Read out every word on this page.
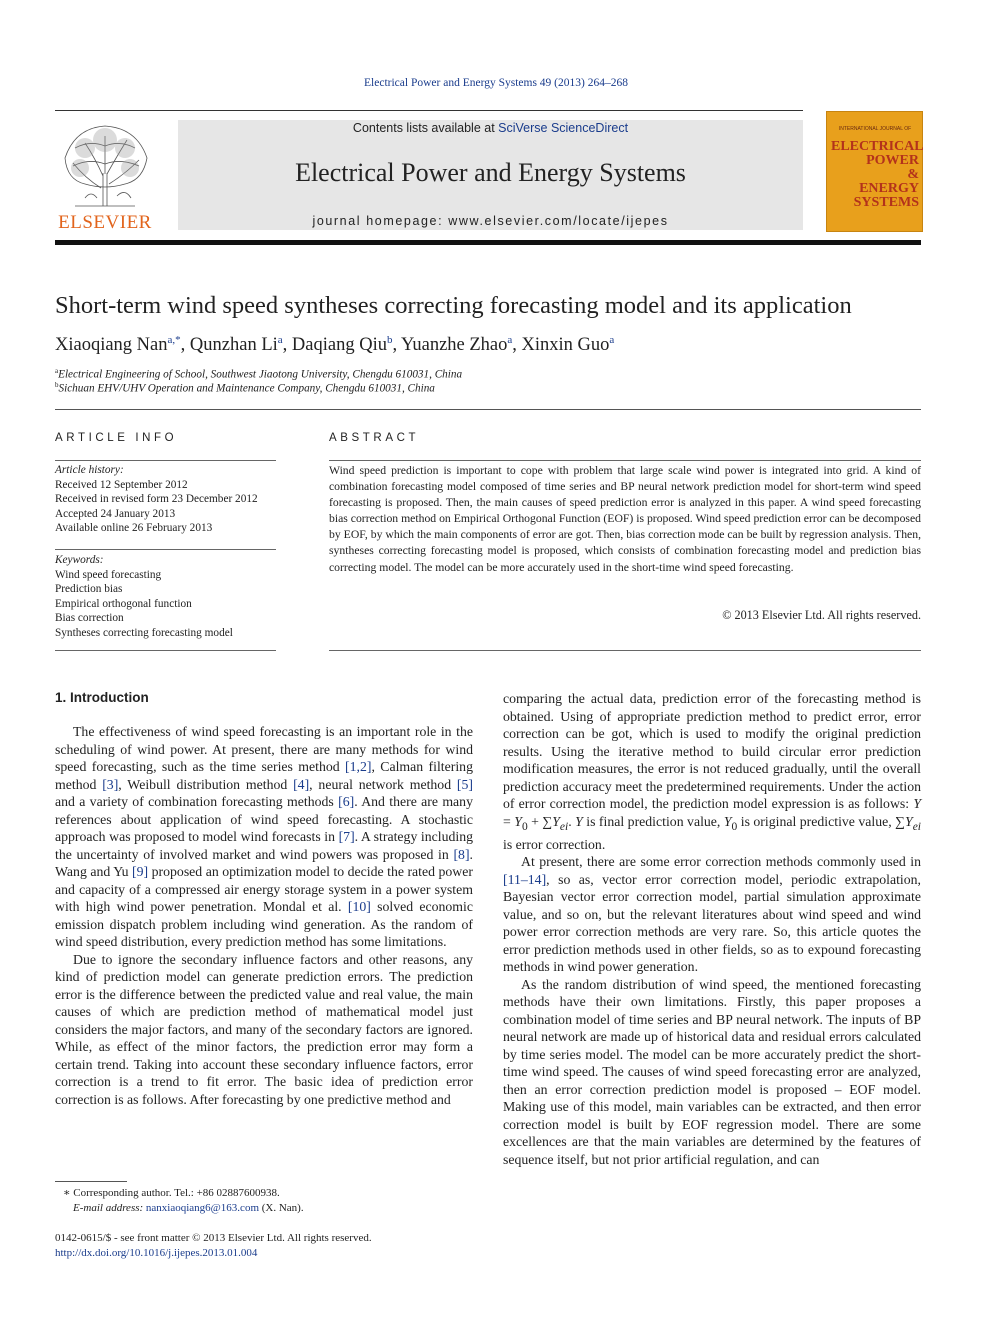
Electrical Power and Energy Systems 49 (2013) 264–268
ELSEVIER
Contents lists available at SciVerse ScienceDirect
Electrical Power and Energy Systems
journal homepage: www.elsevier.com/locate/ijepes
INTERNATIONAL JOURNAL OF
ELECTRICAL
POWER
&
ENERGY
SYSTEMS
Short-term wind speed syntheses correcting forecasting model and its application
Xiaoqiang Nan$^{a,*}$, Qunzhan Li$^a$, Daqiang Qiu$^b$, Yuanzhe Zhao$^a$, Xinxin Guo$^a$
$^a$Electrical Engineering of School, Southwest Jiaotong University, Chengdu 610031, China
$^b$Sichuan EHV/UHV Operation and Maintenance Company, Chengdu 610031, China
ARTICLE INFO
Article history:
Received 12 September 2012
Received in revised form 23 December 2012
Accepted 24 January 2013
Available online 26 February 2013
Keywords:
Wind speed forecasting
Prediction bias
Empirical orthogonal function
Bias correction
Syntheses correcting forecasting model
ABSTRACT
Wind speed prediction is important to cope with problem that large scale wind power is integrated into grid. A kind of combination forecasting model composed of time series and BP neural network prediction model for short-term wind speed forecasting is proposed. Then, the main causes of speed prediction error is analyzed in this paper. A wind speed forecasting bias correction method on Empirical Orthogonal Function (EOF) is proposed. Wind speed prediction error can be decomposed by EOF, by which the main components of error are got. Then, bias correction mode can be built by regression analysis. Then, syntheses correcting forecasting model is proposed, which consists of combination forecasting model and prediction bias correcting model. The model can be more accurately used in the short-time wind speed forecasting.
© 2013 Elsevier Ltd. All rights reserved.
1. Introduction

The effectiveness of wind speed forecasting is an important role in the scheduling of wind power. At present, there are many methods for wind speed forecasting, such as the time series method [1,2], Calman filtering method [3], Weibull distribution method [4], neural network method [5] and a variety of combination forecasting methods [6]. And there are many references about application of wind speed forecasting. A stochastic approach was proposed to model wind forecasts in [7]. A strategy including the uncertainty of involved market and wind powers was proposed in [8]. Wang and Yu [9] proposed an optimization model to decide the rated power and capacity of a compressed air energy storage system in a power system with high wind power penetration. Mondal et al. [10] solved economic emission dispatch problem including wind generation. As the random of wind speed distribution, every prediction method has some limitations.

Due to ignore the secondary influence factors and other reasons, any kind of prediction model can generate prediction errors. The prediction error is the difference between the predicted value and real value, the main causes of which are prediction method of mathematical model just considers the major factors, and many of the secondary factors are ignored. While, as effect of the minor factors, the prediction error may form a certain trend. Taking into account these secondary influence factors, error correction is a trend to fit error. The basic idea of prediction error correction is as follows. After forecasting by one predictive method and

comparing the actual data, prediction error of the forecasting method is obtained. Using of appropriate prediction method to predict error, error correction can be got, which is used to modify the original prediction results. Using the iterative method to build circular error prediction modification measures, the error is not reduced gradually, until the overall prediction accuracy meet the predetermined requirements. Under the action of error correction model, the prediction model expression is as follows: $Y = Y_0 + \sum Y_{ei}$. Y is final prediction value, $Y_0$ is original predictive value, $\sum Y_{ei}$ is error correction.

At present, there are some error correction methods commonly used in [11–14], so as, vector error correction model, periodic extrapolation, Bayesian vector error correction model, partial simulation approximate value, and so on, but the relevant literatures about wind speed and wind power error correction methods are very rare. So, this article quotes the error prediction methods used in other fields, so as to expound forecasting methods in wind power generation.

As the random distribution of wind speed, the mentioned forecasting methods have their own limitations. Firstly, this paper proposes a combination model of time series and BP neural network. The inputs of BP neural network are made up of historical data and residual errors calculated by time series model. The model can be more accurately predict the short-time wind speed. The causes of wind speed forecasting error are analyzed, then an error correction prediction model is proposed – EOF model. Making use of this model, main variables can be extracted, and then error correction model is built by EOF regression model. There are some excellences are that the main variables are determined by the features of sequence itself, but not prior artificial regulation, and can

∗ Corresponding author. Tel.: +86 02887600938.
E-mail address: nanxiaoqiang6@163.com (X. Nan).
0142-0615/$ - see front matter © 2013 Elsevier Ltd. All rights reserved.
http://dx.doi.org/10.1016/j.ijepes.2013.01.004
